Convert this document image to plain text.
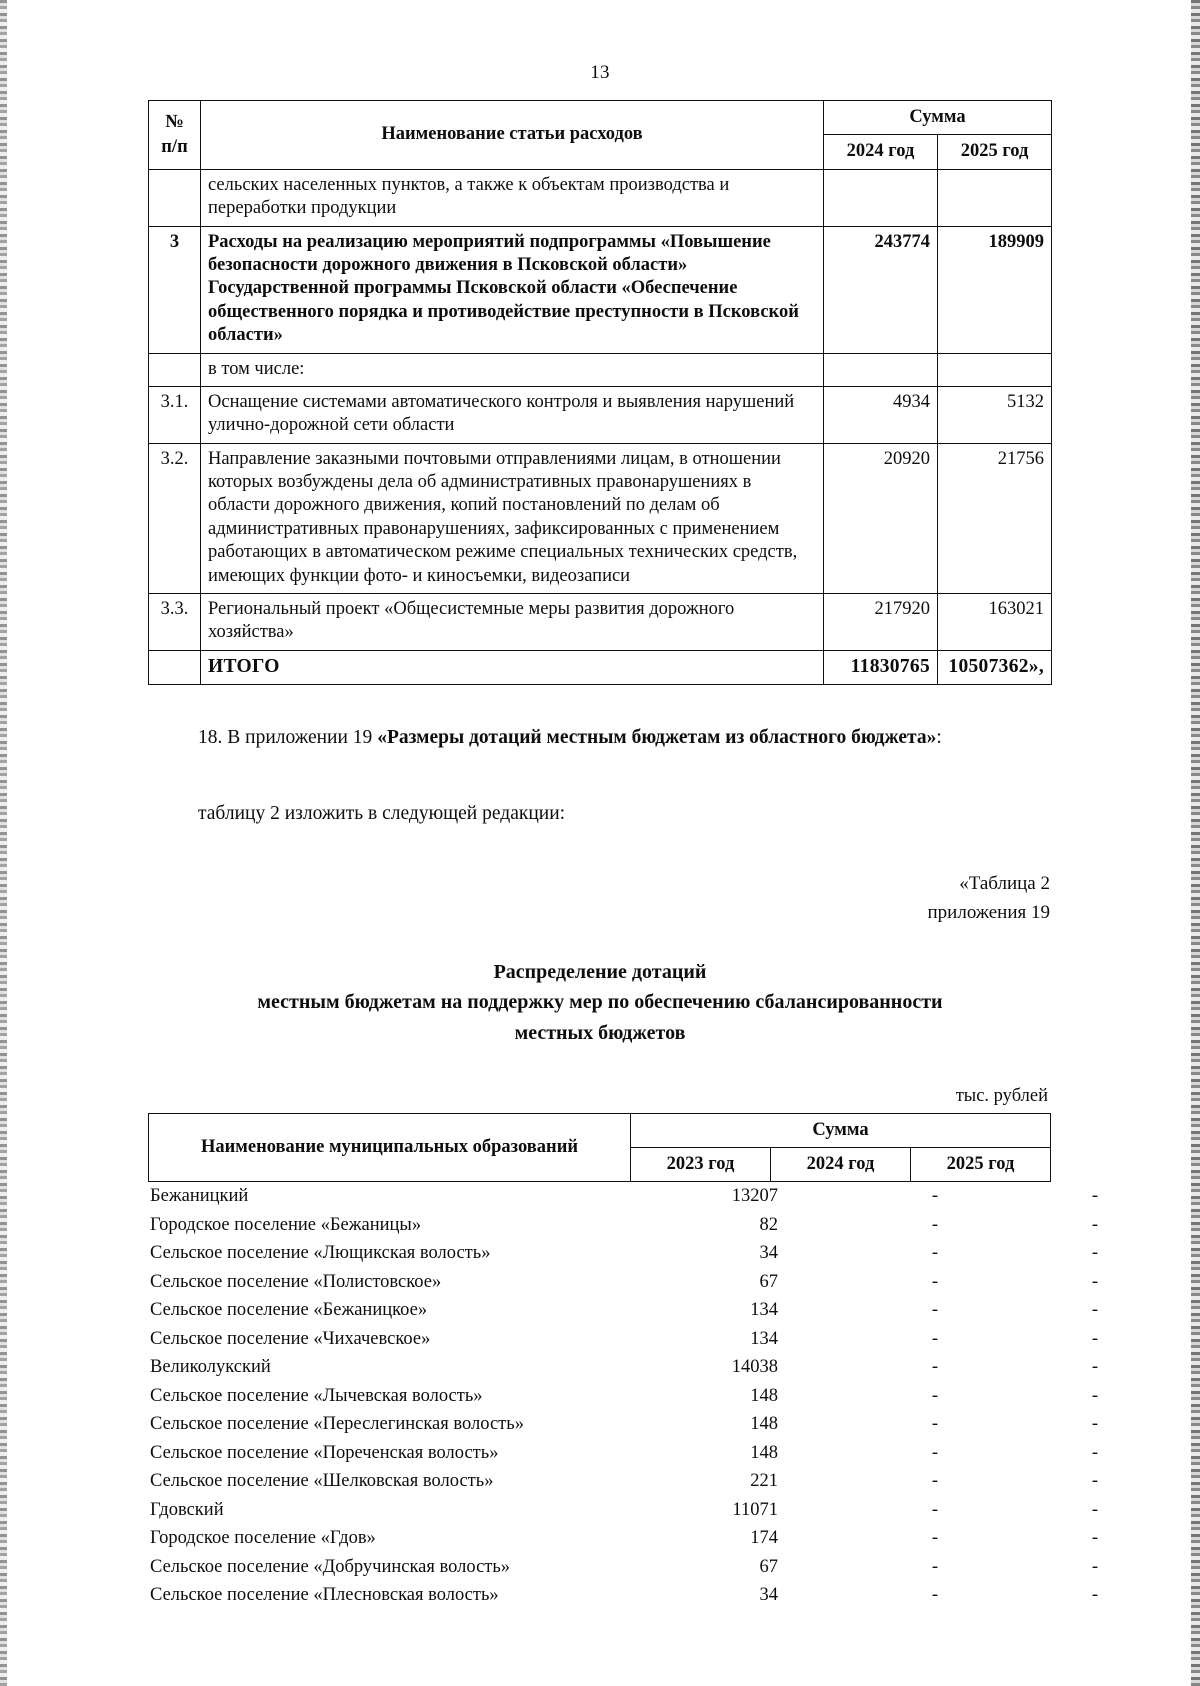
13
№
п/п	Наименование статьи расходов	Сумма	
		2024 год	2025 год
	сельских населенных пунктов, а также к объектам производства и переработки продукции		
3	Расходы на реализацию мероприятий подпрограммы «Повышение безопасности дорожного движения в Псковской области» Государственной программы Псковской области «Обеспечение общественного порядка и противодействие преступности в Псковской области»	243774	189909
	в том числе:		
3.1.	Оснащение системами автоматического контроля и выявления нарушений улично-дорожной сети области	4934	5132
3.2.	Направление заказными почтовыми отправлениями лицам, в отношении которых возбуждены дела об административных правонарушениях в области дорожного движения, копий постановлений по делам об административных правонарушениях, зафиксированных с применением работающих в автоматическом режиме специальных технических средств, имеющих функции фото- и киносъемки, видеозаписи	20920	21756
3.3.	Региональный проект «Общесистемные меры развития дорожного хозяйства»	217920	163021
	ИТОГО	11830765	10507362»,
18. В приложении 19 «Размеры дотаций местным бюджетам из областного бюджета»:
таблицу 2 изложить в следующей редакции:
«Таблица 2
приложения 19
Распределение дотаций
местным бюджетам на поддержку мер по обеспечению сбалансированности
местных бюджетов
тыс. рублей
Наименование муниципальных образований	Сумма		
	2023 год	2024 год	2025 год
Бежаницкий	13207	-	-
Городское поселение «Бежаницы»	82	-	-
Сельское поселение «Лющикская волость»	34	-	-
Сельское поселение «Полистовское»	67	-	-
Сельское поселение «Бежаницкое»	134	-	-
Сельское поселение «Чихачевское»	134	-	-
Великолукский	14038	-	-
Сельское поселение «Лычевская волость»	148	-	-
Сельское поселение «Переслегинская волость»	148	-	-
Сельское поселение «Пореченская волость»	148	-	-
Сельское поселение «Шелковская волость»	221	-	-
Гдовский	11071	-	-
Городское поселение «Гдов»	174	-	-
Сельское поселение «Добручинская волость»	67	-	-
Сельское поселение «Плесновская волость»	34	-	-
